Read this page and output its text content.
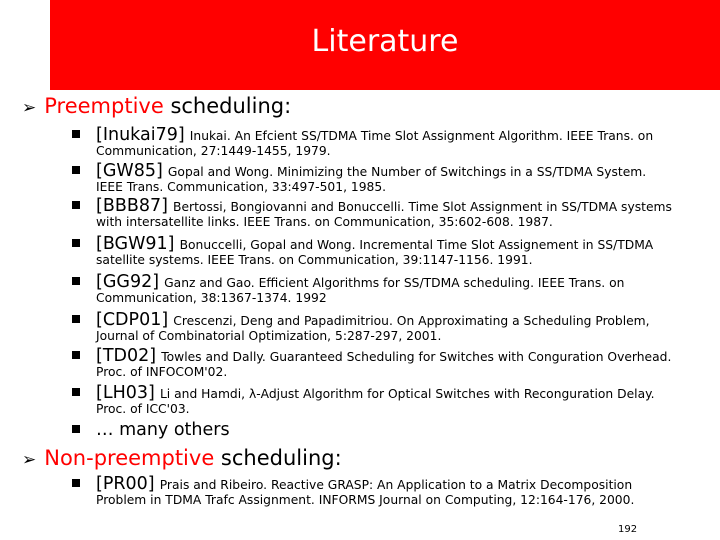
Literature
➢ Preemptive scheduling:
[Inukai79] Inukai. An Efcient SS/TDMA Time Slot Assignment Algorithm. IEEE Trans. on
Communication, 27:1449-1455, 1979.
[GW85] Gopal and Wong. Minimizing the Number of Switchings in a SS/TDMA System.
IEEE Trans. Communication, 33:497-501, 1985.
[BBB87] Bertossi, Bongiovanni and Bonuccelli. Time Slot Assignment in SS/TDMA systems
with intersatellite links. IEEE Trans. on Communication, 35:602-608. 1987.
[BGW91] Bonuccelli, Gopal and Wong. Incremental Time Slot Assignement in SS/TDMA
satellite systems. IEEE Trans. on Communication, 39:1147-1156. 1991.
[GG92] Ganz and Gao. Efficient Algorithms for SS/TDMA scheduling. IEEE Trans. on
Communication, 38:1367-1374. 1992
[CDP01] Crescenzi, Deng and Papadimitriou. On Approximating a Scheduling Problem,
Journal of Combinatorial Optimization, 5:287-297, 2001.
[TD02] Towles and Dally. Guaranteed Scheduling for Switches with Conguration Overhead.
Proc. of INFOCOM'02.
[LH03] Li and Hamdi, λ-Adjust Algorithm for Optical Switches with Reconguration Delay.
Proc. of ICC'03.
… many others
➢ Non-preemptive scheduling:
[PR00] Prais and Ribeiro. Reactive GRASP: An Application to a Matrix Decomposition
Problem in TDMA Trafc Assignment. INFORMS Journal on Computing, 12:164-176, 2000.
192
